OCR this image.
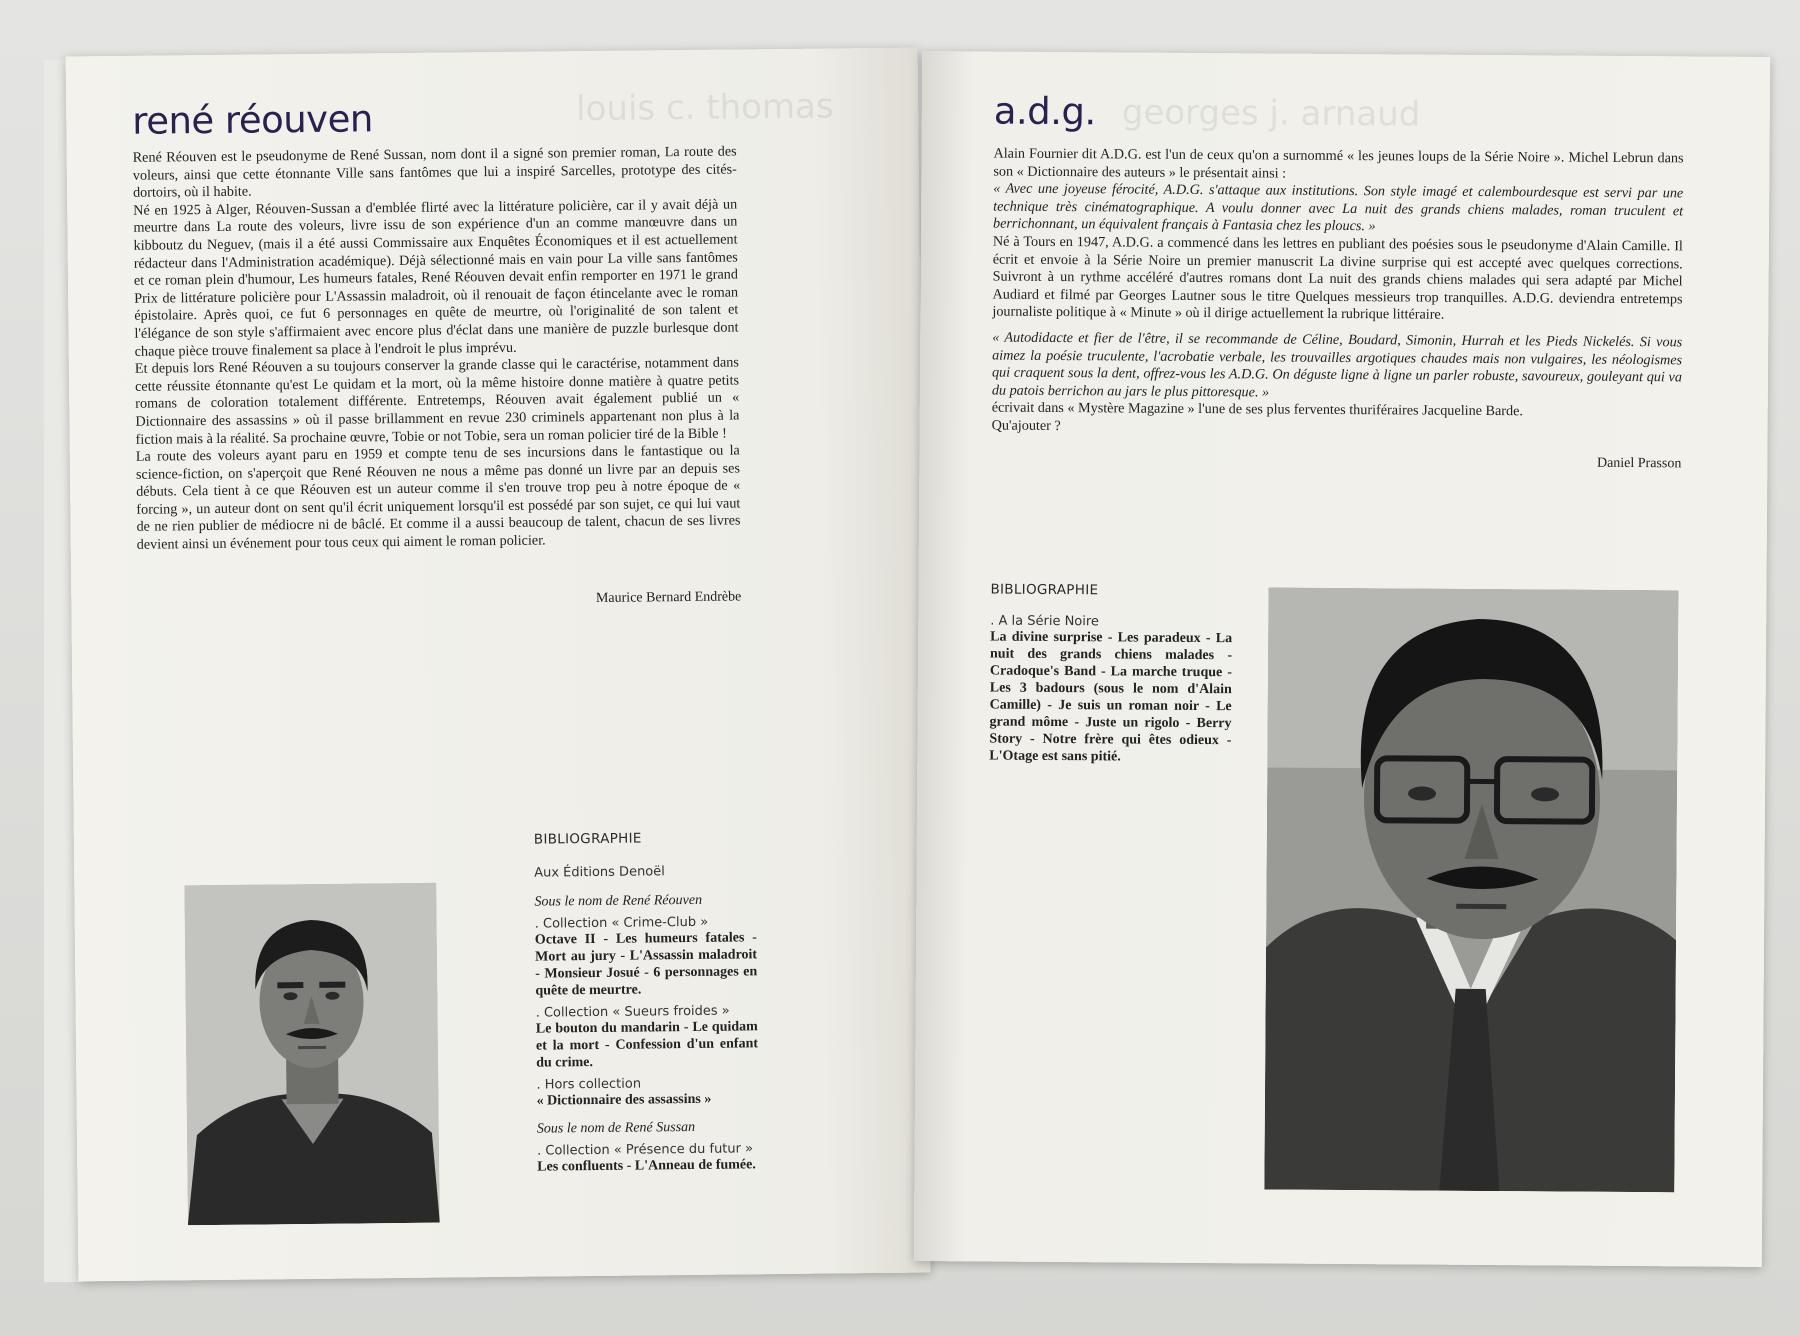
louis c. thomas
rené réouven

René Réouven est le pseudonyme de René Sussan, nom dont il a signé son premier roman, La route des voleurs, ainsi que cette étonnante Ville sans fantômes que lui a inspiré Sarcelles, prototype des cités-dortoirs, où il habite.

Né en 1925 à Alger, Réouven-Sussan a d'emblée flirté avec la littérature policière, car il y avait déjà un meurtre dans La route des voleurs, livre issu de son expérience d'un an comme manœuvre dans un kibboutz du Neguev, (mais il a été aussi Commissaire aux Enquêtes Économiques et il est actuellement rédacteur dans l'Administration académique). Déjà sélectionné mais en vain pour La ville sans fantômes et ce roman plein d'humour, Les humeurs fatales, René Réouven devait enfin remporter en 1971 le grand Prix de littérature policière pour L'Assassin maladroit, où il renouait de façon étincelante avec le roman épistolaire. Après quoi, ce fut 6 personnages en quête de meurtre, où l'originalité de son talent et l'élégance de son style s'affirmaient avec encore plus d'éclat dans une manière de puzzle burlesque dont chaque pièce trouve finalement sa place à l'endroit le plus imprévu.

Et depuis lors René Réouven a su toujours conserver la grande classe qui le caractérise, notamment dans cette réussite étonnante qu'est Le quidam et la mort, où la même histoire donne matière à quatre petits romans de coloration totalement différente. Entretemps, Réouven avait également publié un « Dictionnaire des assassins » où il passe brillamment en revue 230 criminels appartenant non plus à la fiction mais à la réalité. Sa prochaine œuvre, Tobie or not Tobie, sera un roman policier tiré de la Bible !

La route des voleurs ayant paru en 1959 et compte tenu de ses incursions dans le fantastique ou la science-fiction, on s'aperçoit que René Réouven ne nous a même pas donné un livre par an depuis ses débuts. Cela tient à ce que Réouven est un auteur comme il s'en trouve trop peu à notre époque de « forcing », un auteur dont on sent qu'il écrit uniquement lorsqu'il est possédé par son sujet, ce qui lui vaut de ne rien publier de médiocre ni de bâclé. Et comme il a aussi beaucoup de talent, chacun de ses livres devient ainsi un événement pour tous ceux qui aiment le roman policier.

Maurice Bernard Endrèbe
BIBLIOGRAPHIE
Aux Éditions Denoël
Sous le nom de René Réouven
. Collection « Crime-Club »
Octave II - Les humeurs fatales - Mort au jury - L'Assassin maladroit - Monsieur Josué - 6 personnages en quête de meurtre.
. Collection « Sueurs froides »
Le bouton du mandarin - Le quidam et la mort - Confession d'un enfant du crime.
. Hors collection
« Dictionnaire des assassins »
Sous le nom de René Sussan
. Collection « Présence du futur »
Les confluents - L'Anneau de fumée.
georges j. arnaud
a.d.g.

Alain Fournier dit A.D.G. est l'un de ceux qu'on a surnommé « les jeunes loups de la Série Noire ». Michel Lebrun dans son « Dictionnaire des auteurs » le présentait ainsi :

« Avec une joyeuse férocité, A.D.G. s'attaque aux institutions. Son style imagé et calembourdesque est servi par une technique très cinématographique. A voulu donner avec La nuit des grands chiens malades, roman truculent et berrichonnant, un équivalent français à Fantasia chez les ploucs. »

Né à Tours en 1947, A.D.G. a commencé dans les lettres en publiant des poésies sous le pseudonyme d'Alain Camille. Il écrit et envoie à la Série Noire un premier manuscrit La divine surprise qui est accepté avec quelques corrections. Suivront à un rythme accéléré d'autres romans dont La nuit des grands chiens malades qui sera adapté par Michel Audiard et filmé par Georges Lautner sous le titre Quelques messieurs trop tranquilles. A.D.G. deviendra entretemps journaliste politique à « Minute » où il dirige actuellement la rubrique littéraire.

« Autodidacte et fier de l'être, il se recommande de Céline, Boudard, Simonin, Hurrah et les Pieds Nickelés. Si vous aimez la poésie truculente, l'acrobatie verbale, les trouvailles argotiques chaudes mais non vulgaires, les néologismes qui craquent sous la dent, offrez-vous les A.D.G. On déguste ligne à ligne un parler robuste, savoureux, gouleyant qui va du patois berrichon au jars le plus pittoresque. »

écrivait dans « Mystère Magazine » l'une de ses plus ferventes thuriféraires Jacqueline Barde.

Qu'ajouter ?

Daniel Prasson
BIBLIOGRAPHIE
. A la Série Noire
La divine surprise - Les paradeux - La nuit des grands chiens malades - Cradoque's Band - La marche truque - Les 3 badours (sous le nom d'Alain Camille) - Je suis un roman noir - Le grand môme - Juste un rigolo - Berry Story - Notre frère qui êtes odieux - L'Otage est sans pitié.
